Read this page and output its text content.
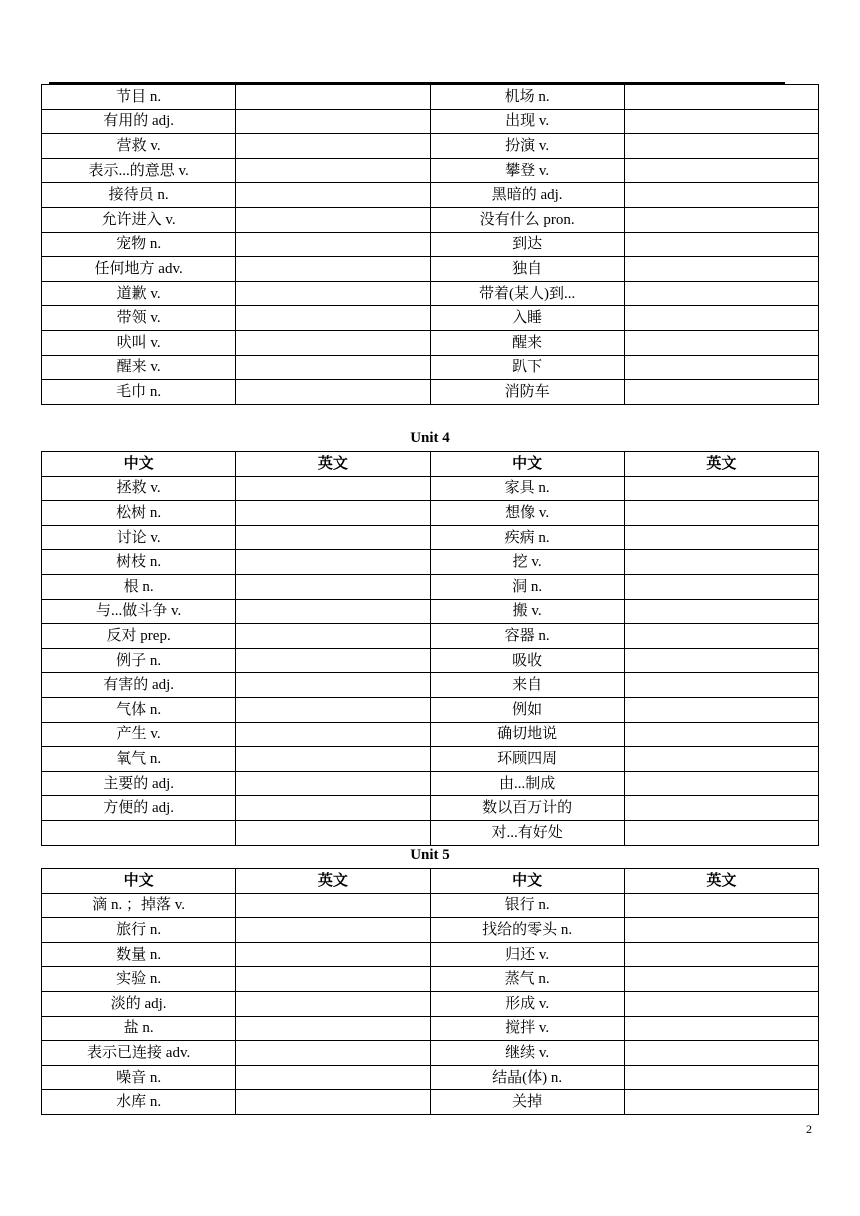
节目 n.		机场 n.	
有用的 adj.		出现 v.	
营救 v.		扮演 v.	
表示...的意思 v.		攀登 v.	
接待员 n.		黑暗的 adj.	
允许进入 v.		没有什么 pron.	
宠物 n.		到达	
任何地方 adv.		独自	
道歉 v.		带着(某人)到...	
带领 v.		入睡	
吠叫 v.		醒来	
醒来 v.		趴下	
毛巾 n.		消防车	
Unit 4
中文	英文	中文	英文
拯救 v.		家具 n.	
松树 n.		想像 v.	
讨论 v.		疾病 n.	
树枝 n.		挖 v.	
根 n.		洞 n.	
与...做斗争 v.		搬 v.	
反对 prep.		容器 n.	
例子 n.		吸收	
有害的 adj.		来自	
气体 n.		例如	
产生 v.		确切地说	
氧气 n.		环顾四周	
主要的 adj.		由...制成	
方便的 adj.		数以百万计的	
		对...有好处	
Unit 5
中文	英文	中文	英文
滴 n. ；掉落 v.		银行 n.	
旅行 n.		找给的零头 n.	
数量 n.		归还 v.	
实验 n.		蒸气 n.	
淡的 adj.		形成 v.	
盐 n.		搅拌 v.	
表示已连接 adv.		继续 v.	
噪音 n.		结晶(体) n.	
水库 n.		关掉	
2
